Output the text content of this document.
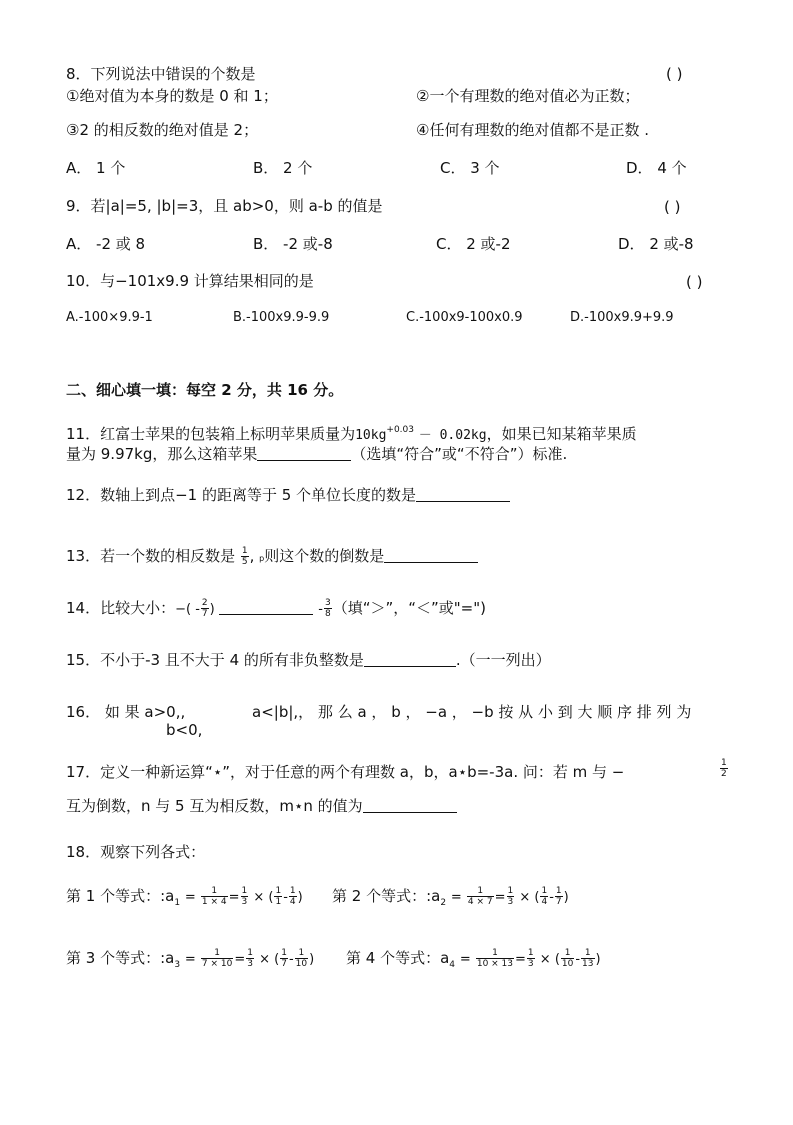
8．下列说法中错误的个数是	( )
①绝对值为本身的数是 0 和 1；	②一个有理数的绝对值必为正数；
③2 的相反数的绝对值是 2；	④任何有理数的绝对值都不是正数 .
A． 1 个	B． 2 个	C． 3 个	D． 4 个
9．若|a|=5, |b|=3，且 ab>0，则 a-b 的值是	( )
A． -2 或 8	B． -2 或-8	C． 2 或-2	D． 2 或-8
10．与−101x9.9 计算结果相同的是	( )
A.-100×9.9-1	B.-100x9.9-9.9	C.-100x9-100x0.9	D.-100x9.9+9.9
二、细心填一填：每空 2 分，共 16 分。
11．红富士苹果的包装箱上标明苹果质量为$10kg^{+0.03} - 0.02kg$，如果已知某箱苹果质
量为 9.97kg，那么这箱苹果	（选填“符合”或“不符合”）标准.
12．数轴上到点−1 的距离等于 5 个单位长度的数是
13．若一个数的相反数是 $\frac{1}{5}$ , p则这个数的倒数是
14．比较大小：−( - $\frac{2}{7}$ )	- $\frac{3}{8}$ （填“＞”，“＜”或"=")
15．不小于-3 且不大于 4 的所有非负整数是	.（一一列出）
16． 如 果 a>0,,
b<0,
a<|b|,， 那 么 a ， b ， −a ， −b 按 从 小 到 大 顺 序 排 列 为
17．定义一种新运算“⋆”，对于任意的两个有理数 a，b，a⋆b=-3a. 问：若 m 与 −	$\frac{1}{2}$
互为倒数，n 与 5 互为相反数，m⋆n 的值为
18．观察下列各式：
第 1 个等式：$:a_1 = \frac{1}{1 \times 4} = \frac{1}{3}$ × ( $\frac{1}{1} - \frac{1}{4}$ ) 第 2 个等式：$:a_2 = \frac{1}{4 \times 7} = \frac{1}{3}$ × ( $\frac{1}{4} - \frac{1}{7}$ )
第 3 个等式：$:a_3 = \frac{1}{7 \times 10} = \frac{1}{3}$ × ( $\frac{1}{7} - \frac{1}{10}$ ) 第 4 个等式：$a_4 = \frac{1}{10 \times 13} = \frac{1}{3}$ × ( $\frac{1}{10} - \frac{1}{13}$ )
